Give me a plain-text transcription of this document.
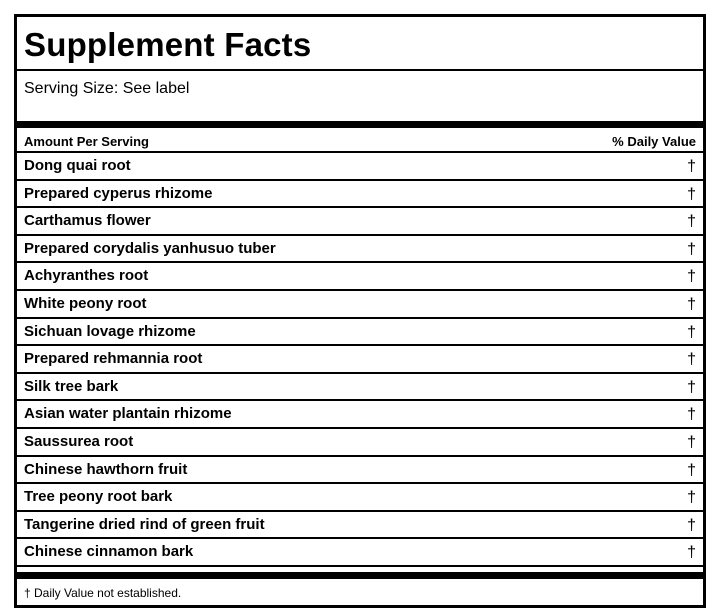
Supplement Facts
Serving Size: See label
Amount Per Serving	% Daily Value
Dong quai root	†
Prepared cyperus rhizome	†
Carthamus flower	†
Prepared corydalis yanhusuo tuber	†
Achyranthes root	†
White peony root	†
Sichuan lovage rhizome	†
Prepared rehmannia root	†
Silk tree bark	†
Asian water plantain rhizome	†
Saussurea root	†
Chinese hawthorn fruit	†
Tree peony root bark	†
Tangerine dried rind of green fruit	†
Chinese cinnamon bark	†
† Daily Value not established.
